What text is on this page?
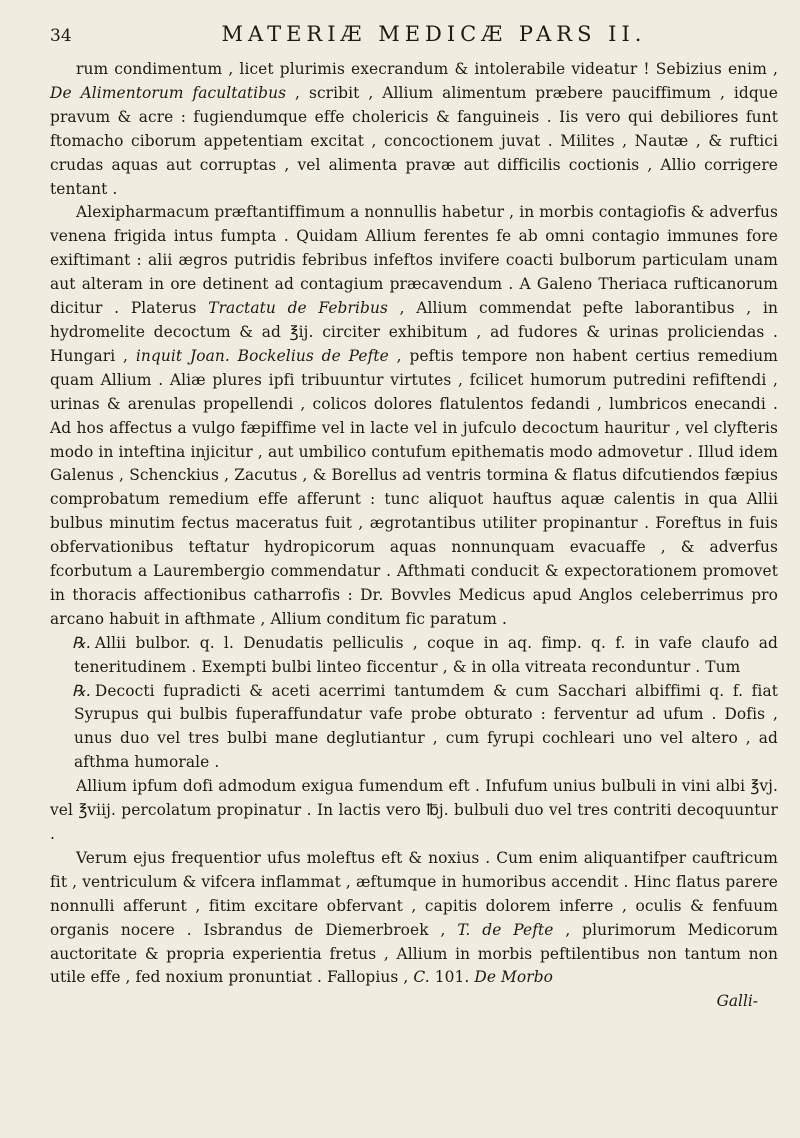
34	MATERIÆ MEDICÆ PARS II.

rum condimentum , licet plurimis execrandum & intolerabile videatur ! Sebizius enim , De Alimentorum facultatibus , scribit , Allium alimentum præbere pauciffimum , idque pravum & acre : fugiendumque effe cholericis & fanguineis . Iis vero qui debiliores funt ftomacho ciborum appetentiam excitat , concoctionem juvat . Milites , Nautæ , & ruftici crudas aquas aut corruptas , vel alimenta pravæ aut difficilis coctionis , Allio corrigere tentant .

Alexipharmacum præftantiffimum a nonnullis habetur , in morbis contagiofis & adverfus venena frigida intus fumpta . Quidam Allium ferentes fe ab omni contagio immunes fore exiftimant : alii ægros putridis febribus infeftos invifere coacti bulborum particulam unam aut alteram in ore detinent ad contagium præcavendum . A Galeno Theriaca rufticanorum dicitur . Platerus Tractatu de Febribus , Allium commendat pefte laborantibus , in hydromelite decoctum & ad ℥ij. circiter exhibitum , ad fudores & urinas proliciendas . Hungari , inquit Joan. Bockelius de Pefte , peftis tempore non habent certius remedium quam Allium . Aliæ plures ipfi tribuuntur virtutes , fcilicet humorum putredini refiftendi , urinas & arenulas propellendi , colicos dolores flatulentos fedandi , lumbricos enecandi . Ad hos affectus a vulgo fæpiffime vel in lacte vel in jufculo decoctum hauritur , vel clyfteris modo in inteftina injicitur , aut umbilico contufum epithematis modo admovetur . Illud idem Galenus , Schenckius , Zacutus , & Borellus ad ventris tormina & flatus difcutiendos fæpius comprobatum remedium effe afferunt : tunc aliquot hauftus aquæ calentis in qua Allii bulbus minutim fectus maceratus fuit , ægrotantibus utiliter propinantur . Foreftus in fuis obfervationibus teftatur hydropicorum aquas nonnunquam evacuaffe , & adverfus fcorbutum a Laurembergio commendatur . Afthmati conducit & expectorationem promovet in thoracis affectionibus catharrofis : Dr. Bovvles Medicus apud Anglos celeberrimus pro arcano habuit in afthmate , Allium conditum fic paratum .

℞. Allii bulbor. q. l. Denudatis pelliculis , coque in aq. fimp. q. f. in vafe claufo ad teneritudinem . Exempti bulbi linteo ficcentur , & in olla vitreata reconduntur . Tum

℞. Decocti fupradicti & aceti acerrimi tantumdem & cum Sacchari albiffimi q. f. fiat Syrupus qui bulbis fuperaffundatur vafe probe obturato : ferventur ad ufum . Dofis , unus duo vel tres bulbi mane deglutiantur , cum fyrupi cochleari uno vel altero , ad afthma humorale .

Allium ipfum dofi admodum exigua fumendum eft . Infufum unius bulbuli in vini albi ℥vj. vel ℥viij. percolatum propinatur . In lactis vero ℔j. bulbuli duo vel tres contriti decoquuntur .

Verum ejus frequentior ufus moleftus eft & noxius . Cum enim aliquantifper cauftricum fit , ventriculum & vifcera inflammat , æftumque in humoribus accendit . Hinc flatus parere nonnulli afferunt , fitim excitare obfervant , capitis dolorem inferre , oculis & fenfuum organis nocere . Isbrandus de Diemerbroek , T. de Pefte , plurimorum Medicorum auctoritate & propria experientia fretus , Allium in morbis peftilentibus non tantum non utile effe , fed noxium pronuntiat . Fallopius , C. 101. De Morbo

Galli-
